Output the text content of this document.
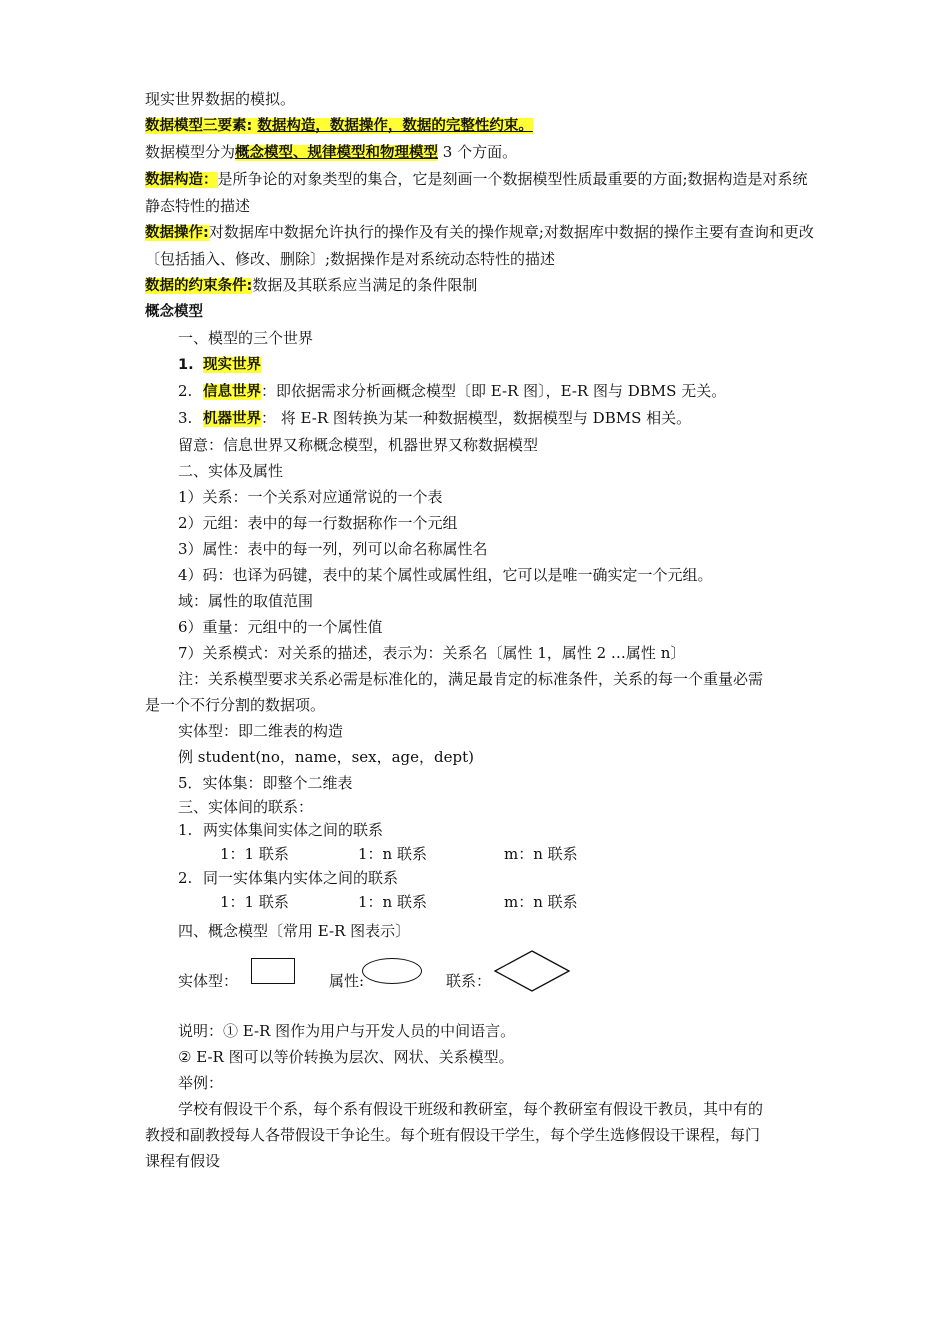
现实世界数据的模拟。

数据模型三要素: 数据构造，数据操作，数据的完整性约束。

数据模型分为概念模型、规律模型和物理模型 3 个方面。

数据构造：是所争论的对象类型的集合，它是刻画一个数据模型性质最重要的方面;数据构造是对系统静态特性的描述

数据操作:对数据库中数据允许执行的操作及有关的操作规章;对数据库中数据的操作主要有查询和更改〔包括插入、修改、删除〕;数据操作是对系统动态特性的描述

数据的约束条件:数据及其联系应当满足的条件限制

概念模型

一、模型的三个世界

1. 现实世界

2. 信息世界：即依据需求分析画概念模型〔即 E-R 图〕，E-R 图与 DBMS 无关。

3. 机器世界： 将 E-R 图转换为某一种数据模型，数据模型与 DBMS 相关。

留意：信息世界又称概念模型，机器世界又称数据模型

二、实体及属性

1）关系：一个关系对应通常说的一个表

2）元组：表中的每一行数据称作一个元组

3）属性：表中的每一列，列可以命名称属性名

4）码：也译为码键，表中的某个属性或属性组，它可以是唯一确实定一个元组。

域：属性的取值范围

6）重量：元组中的一个属性值

7）关系模式：对关系的描述，表示为：关系名〔属性 1，属性 2 …属性 n〕

注：关系模型要求关系必需是标准化的，满足最肯定的标准条件，关系的每一个重量必需

是一个不行分割的数据项。

实体型：即二维表的构造

例 student(no，name，sex，age，dept)

5．实体集：即整个二维表

三、实体间的联系：

1. 两实体集间实体之间的联系

1：1 联系	1：n 联系	m：n 联系

2. 同一实体集内实体之间的联系

1：1 联系	1：n 联系	m：n 联系

四、概念模型〔常用 E-R 图表示〕

实体型：	属性:	联系：

说明：① E-R 图作为用户与开发人员的中间语言。

② E-R 图可以等价转换为层次、网状、关系模型。

举例：

学校有假设干个系，每个系有假设干班级和教研室，每个教研室有假设干教员，其中有的

教授和副教授每人各带假设干争论生。每个班有假设干学生，每个学生选修假设干课程，每门

课程有假设
